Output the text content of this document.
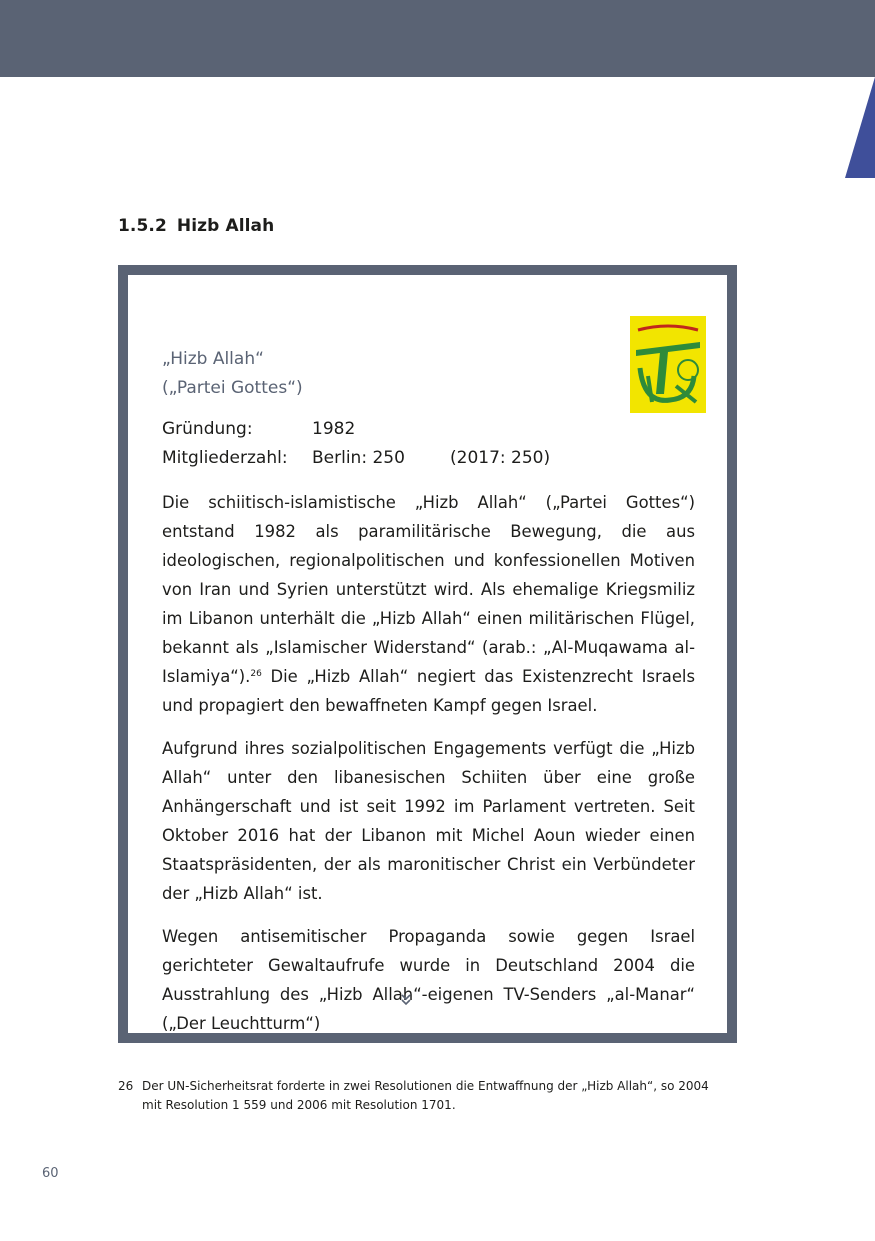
1.5.2 Hizb Allah
„Hizb Allah“
(„Partei Gottes“)
Gründung:	1982
Mitgliederzahl:	Berlin: 250	(2017: 250)

Die schiitisch-islamistische „Hizb Allah“ („Partei Gottes“) entstand 1982 als paramilitärische Bewegung, die aus ideologischen, regionalpolitischen und konfessionellen Motiven von Iran und Syrien unterstützt wird. Als ehemalige Kriegsmiliz im Libanon unterhält die „Hizb Allah“ einen militärischen Flügel, bekannt als „Islamischer Widerstand“ (arab.: „Al-Muqawama al-Islamiya“).$^{26}$ Die „Hizb Allah“ negiert das Existenzrecht Israels und propagiert den bewaffneten Kampf gegen Israel.

Aufgrund ihres sozialpolitischen Engagements verfügt die „Hizb Allah“ unter den libanesischen Schiiten über eine große Anhängerschaft und ist seit 1992 im Parlament vertreten. Seit Oktober 2016 hat der Libanon mit Michel Aoun wieder einen Staatspräsidenten, der als maronitischer Christ ein Verbündeter der „Hizb Allah“ ist.

Wegen antisemitischer Propaganda sowie gegen Israel gerichteter Gewaltaufrufe wurde in Deutschland 2004 die Ausstrahlung des „Hizb Allah“-eigenen TV-Senders „al-Manar“ („Der Leuchtturm“)

26 Der UN-Sicherheitsrat forderte in zwei Resolutionen die Entwaffnung der „Hizb Allah“, so 2004 mit Resolution 1 559 und 2006 mit Resolution 1701.
60
